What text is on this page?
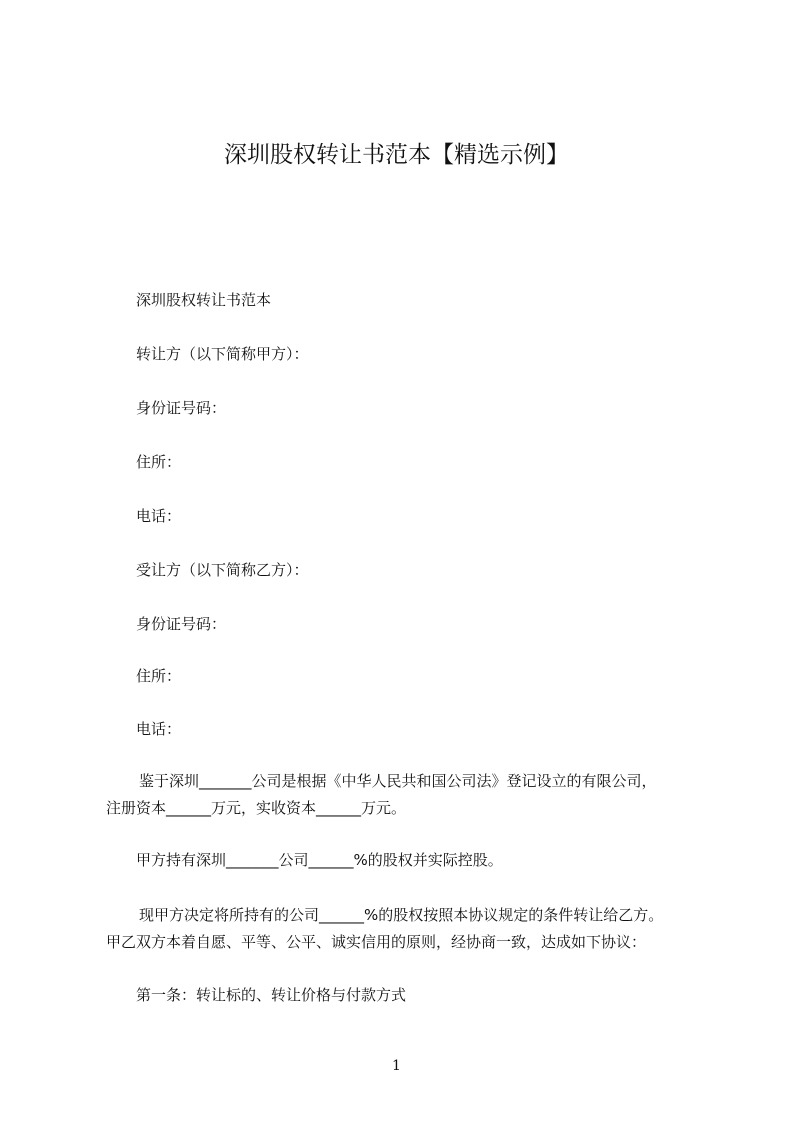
深圳股权转让书范本【精选示例】
深圳股权转让书范本
转让方（以下简称甲方）：
身份证号码：
住所：
电话：
受让方（以下简称乙方）：
身份证号码：
住所：
电话：
鉴于深圳_______公司是根据《中华人民共和国公司法》登记设立的有限公司，
注册资本______万元，实收资本______万元。
甲方持有深圳_______公司______%的股权并实际控股。
现甲方决定将所持有的公司______%的股权按照本协议规定的条件转让给乙方。
甲乙双方本着自愿、平等、公平、诚实信用的原则，经协商一致，达成如下协议：
第一条：转让标的、转让价格与付款方式
1
